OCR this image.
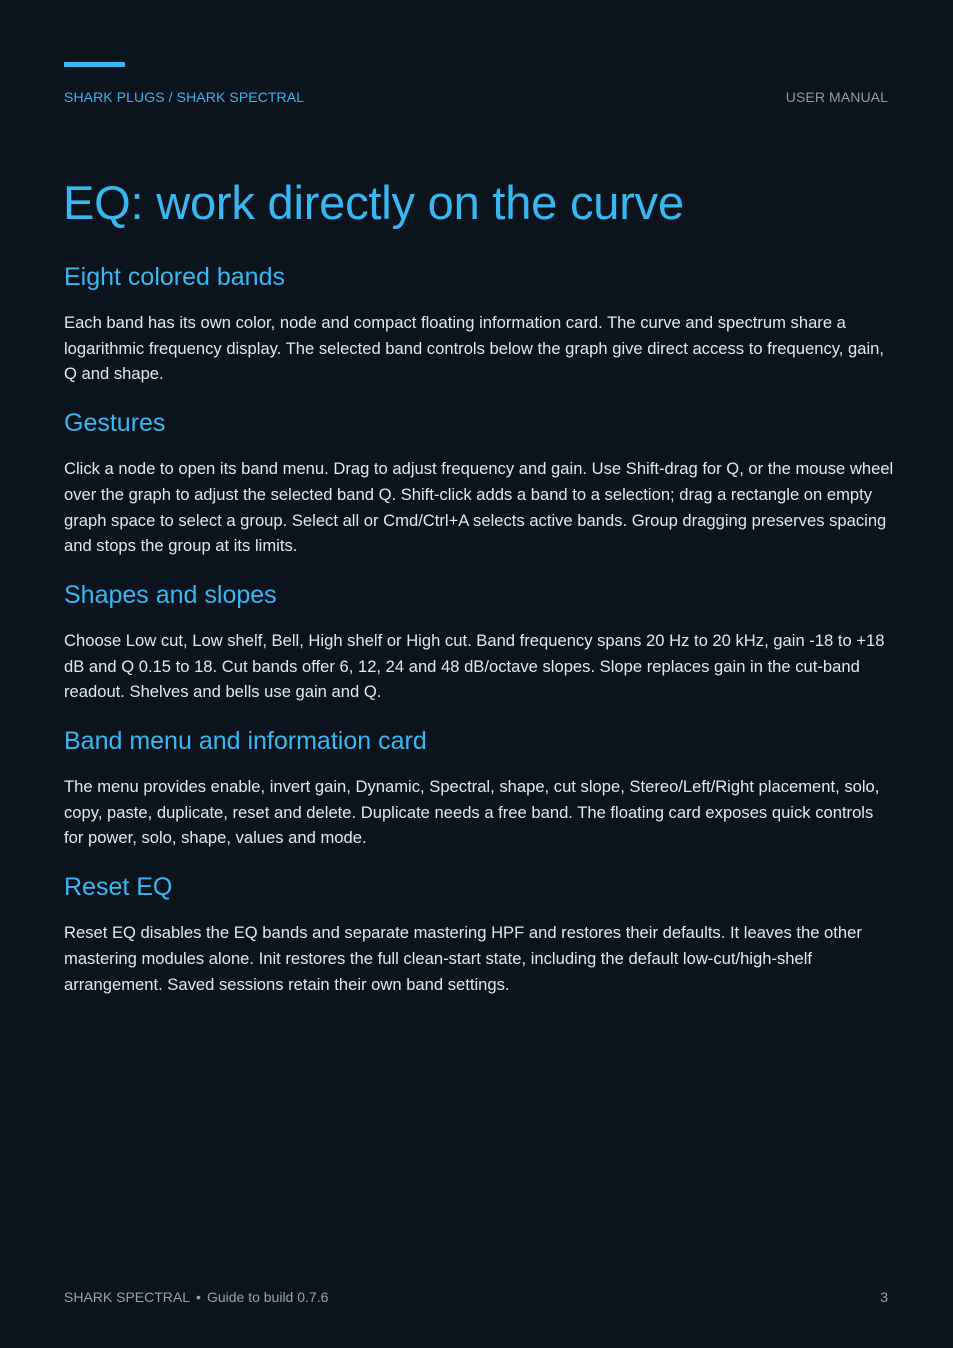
SHARK PLUGS / SHARK SPECTRAL	USER MANUAL
EQ: work directly on the curve
Eight colored bands

Each band has its own color, node and compact floating information card. The curve and spectrum share a logarithmic frequency display. The selected band controls below the graph give direct access to frequency, gain, Q and shape.

Gestures

Click a node to open its band menu. Drag to adjust frequency and gain. Use Shift-drag for Q, or the mouse wheel over the graph to adjust the selected band Q. Shift-click adds a band to a selection; drag a rectangle on empty graph space to select a group. Select all or Cmd/Ctrl+A selects active bands. Group dragging preserves spacing and stops the group at its limits.

Shapes and slopes

Choose Low cut, Low shelf, Bell, High shelf or High cut. Band frequency spans 20 Hz to 20 kHz, gain -18 to +18 dB and Q 0.15 to 18. Cut bands offer 6, 12, 24 and 48 dB/octave slopes. Slope replaces gain in the cut-band readout. Shelves and bells use gain and Q.

Band menu and information card

The menu provides enable, invert gain, Dynamic, Spectral, shape, cut slope, Stereo/Left/Right placement, solo, copy, paste, duplicate, reset and delete. Duplicate needs a free band. The floating card exposes quick controls for power, solo, shape, values and mode.

Reset EQ

Reset EQ disables the EQ bands and separate mastering HPF and restores their defaults. It leaves the other mastering modules alone. Init restores the full clean-start state, including the default low-cut/high-shelf arrangement. Saved sessions retain their own band settings.

SHARK SPECTRAL • Guide to build 0.7.6	3
